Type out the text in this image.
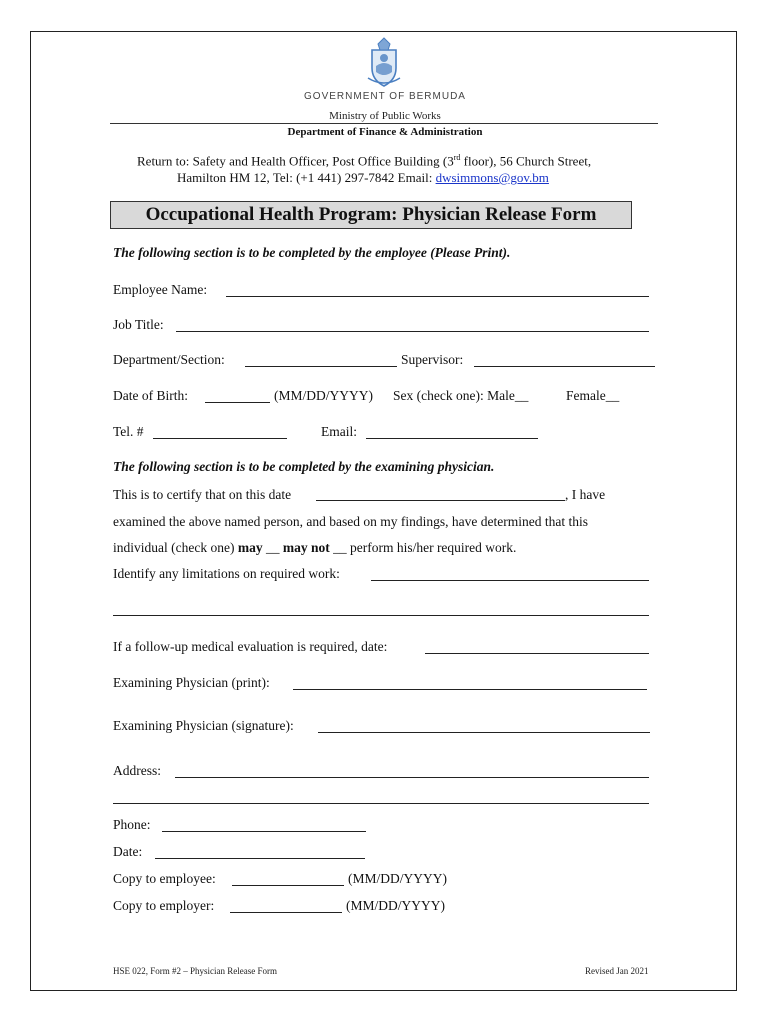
GOVERNMENT OF BERMUDA
Ministry of Public Works
Department of Finance & Administration
Return to: Safety and Health Officer, Post Office Building (3rd floor), 56 Church Street,
Hamilton HM 12, Tel: (+1 441) 297-7842 Email: dwsimmons@gov.bm
Occupational Health Program: Physician Release Form
The following section is to be completed by the employee (Please Print).
Employee Name:
Job Title:
Department/Section:	Supervisor:
Date of Birth:	(MM/DD/YYYY) Sex (check one): Male__	Female__
Tel. #	Email:
The following section is to be completed by the examining physician.
This is to certify that on this date	, I have
examined the above named person, and based on my findings, have determined that this
individual (check one) may __ may not __ perform his/her required work.
Identify any limitations on required work:
If a follow-up medical evaluation is required, date:
Examining Physician (print):
Examining Physician (signature):
Address:
Phone:
Date:
Copy to employee:	(MM/DD/YYYY)
Copy to employer:	(MM/DD/YYYY)
HSE 022, Form #2 – Physician Release Form	Revised Jan 2021
